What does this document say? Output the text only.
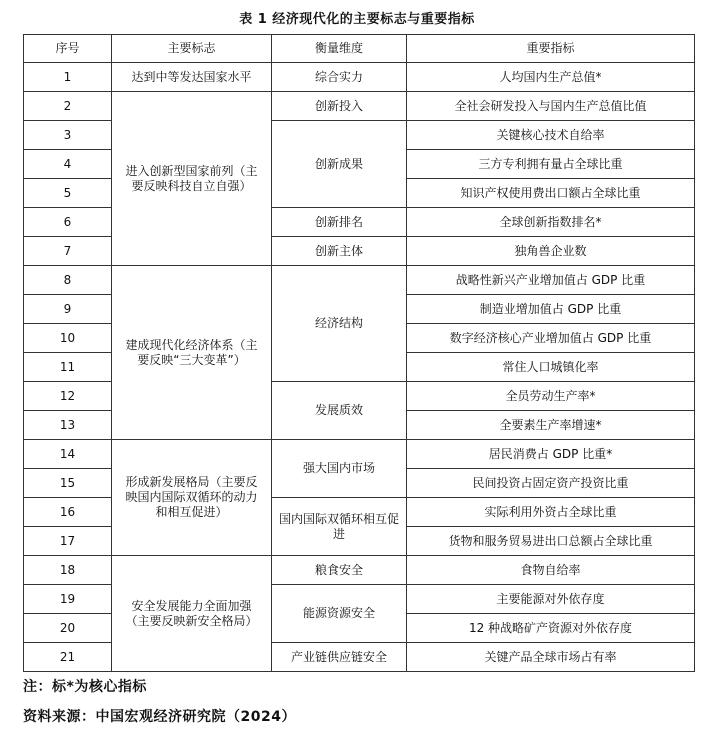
表 1 经济现代化的主要标志与重要指标
序号	主要标志	衡量维度	重要指标
1	达到中等发达国家水平	综合实力	人均国内生产总值*
2	进入创新型国家前列（主要反映科技自立自强）	创新投入	全社会研发投入与国内生产总值比值
3		创新成果	关键核心技术自给率
4			三方专利拥有量占全球比重
5			知识产权使用费出口额占全球比重
6		创新排名	全球创新指数排名*
7		创新主体	独角兽企业数
8	建成现代化经济体系（主要反映“三大变革”）	经济结构	战略性新兴产业增加值占 GDP 比重
9			制造业增加值占 GDP 比重
10			数字经济核心产业增加值占 GDP 比重
11			常住人口城镇化率
12		发展质效	全员劳动生产率*
13			全要素生产率增速*
14	形成新发展格局（主要反映国内国际双循环的动力和相互促进）	强大国内市场	居民消费占 GDP 比重*
15			民间投资占固定资产投资比重
16		国内国际双循环相互促进	实际利用外资占全球比重
17			货物和服务贸易进出口总额占全球比重
18	安全发展能力全面加强（主要反映新安全格局）	粮食安全	食物自给率
19		能源资源安全	主要能源对外依存度
20			12 种战略矿产资源对外依存度
21		产业链供应链安全	关键产品全球市场占有率
注：标*为核心指标
资料来源：中国宏观经济研究院（2024）
